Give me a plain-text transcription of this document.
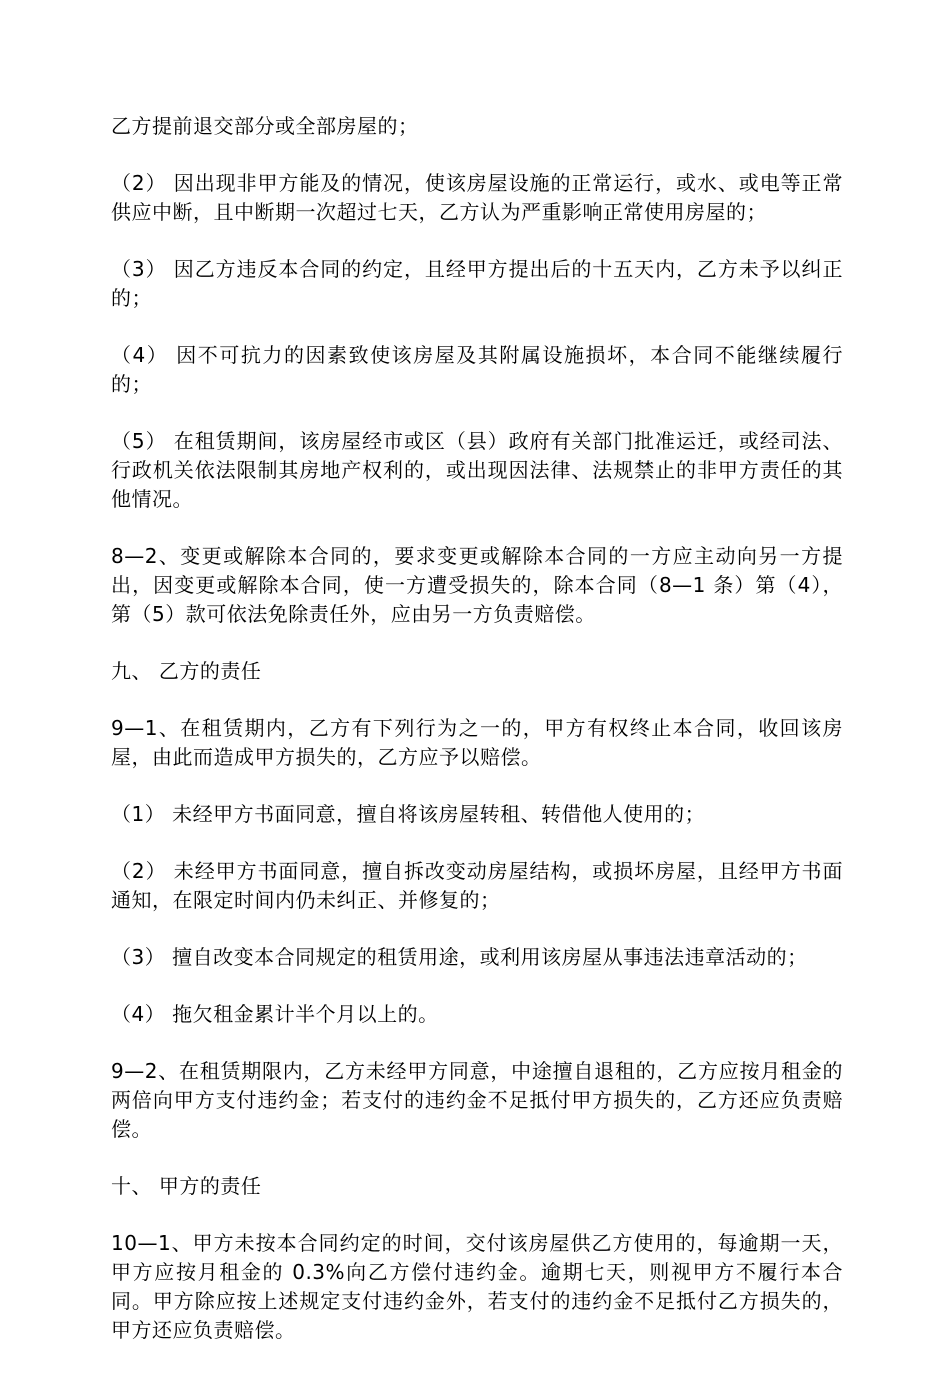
乙方提前退交部分或全部房屋的；

（2） 因出现非甲方能及的情况，使该房屋设施的正常运行，或水、或电等正常供应中断，且中断期一次超过七天，乙方认为严重影响正常使用房屋的；

（3） 因乙方违反本合同的约定，且经甲方提出后的十五天内，乙方未予以纠正的；

（4） 因不可抗力的因素致使该房屋及其附属设施损坏，本合同不能继续履行的；

（5） 在租赁期间，该房屋经市或区（县）政府有关部门批准运迁，或经司法、行政机关依法限制其房地产权利的，或出现因法律、法规禁止的非甲方责任的其他情况。

8—2、变更或解除本合同的，要求变更或解除本合同的一方应主动向另一方提出，因变更或解除本合同，使一方遭受损失的，除本合同（8—1 条）第（4），第（5）款可依法免除责任外，应由另一方负责赔偿。

九、 乙方的责任

9—1、在租赁期内，乙方有下列行为之一的，甲方有权终止本合同，收回该房屋，由此而造成甲方损失的，乙方应予以赔偿。

（1） 未经甲方书面同意，擅自将该房屋转租、转借他人使用的；

（2） 未经甲方书面同意，擅自拆改变动房屋结构，或损坏房屋，且经甲方书面通知，在限定时间内仍未纠正、并修复的；

（3） 擅自改变本合同规定的租赁用途，或利用该房屋从事违法违章活动的；

（4） 拖欠租金累计半个月以上的。

9—2、在租赁期限内，乙方未经甲方同意，中途擅自退租的，乙方应按月租金的两倍向甲方支付违约金；若支付的违约金不足抵付甲方损失的，乙方还应负责赔偿。

十、 甲方的责任

10—1、甲方未按本合同约定的时间，交付该房屋供乙方使用的，每逾期一天，甲方应按月租金的 0.3%向乙方偿付违约金。逾期七天，则视甲方不履行本合同。甲方除应按上述规定支付违约金外，若支付的违约金不足抵付乙方损失的，甲方还应负责赔偿。
